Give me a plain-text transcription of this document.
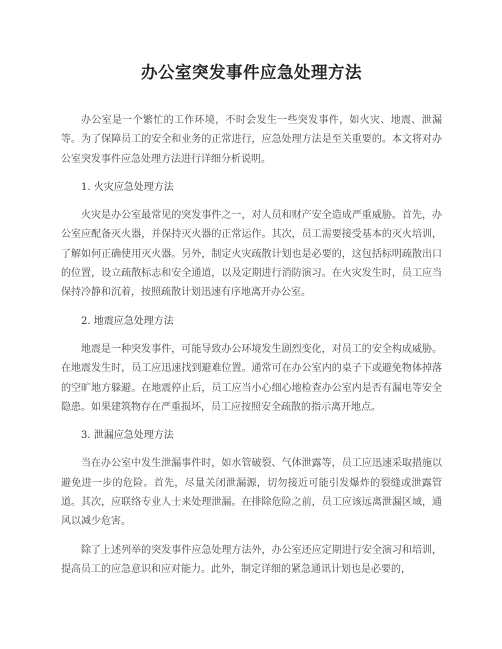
办公室突发事件应急处理方法

办公室是一个繁忙的工作环境，不时会发生一些突发事件，如火灾、地震、泄漏等。为了保障员工的安全和业务的正常进行，应急处理方法是至关重要的。本文将对办公室突发事件应急处理方法进行详细分析说明。

1. 火灾应急处理方法

火灾是办公室最常见的突发事件之一，对人员和财产安全造成严重威胁。首先，办公室应配备灭火器，并保持灭火器的正常运作。其次，员工需要接受基本的灭火培训，了解如何正确使用灭火器。另外，制定火灾疏散计划也是必要的，这包括标明疏散出口的位置，设立疏散标志和安全通道，以及定期进行消防演习。在火灾发生时，员工应当保持冷静和沉着，按照疏散计划迅速有序地离开办公室。

2. 地震应急处理方法

地震是一种突发事件，可能导致办公环境发生剧烈变化，对员工的安全构成威胁。在地震发生时，员工应迅速找到避难位置。通常可在办公室内的桌子下或避免物体掉落的空旷地方躲避。在地震停止后，员工应当小心细心地检查办公室内是否有漏电等安全隐患。如果建筑物存在严重损坏，员工应按照安全疏散的指示离开地点。

3. 泄漏应急处理方法

当在办公室中发生泄漏事件时，如水管破裂、气体泄露等，员工应迅速采取措施以避免进一步的危险。首先，尽量关闭泄漏源，切勿接近可能引发爆炸的裂缝或泄露管道。其次，应联络专业人士来处理泄漏。在排除危险之前，员工应该远离泄漏区域，通风以减少危害。

除了上述列举的突发事件应急处理方法外，办公室还应定期进行安全演习和培训，提高员工的应急意识和应对能力。此外，制定详细的紧急通讯计划也是必要的，
